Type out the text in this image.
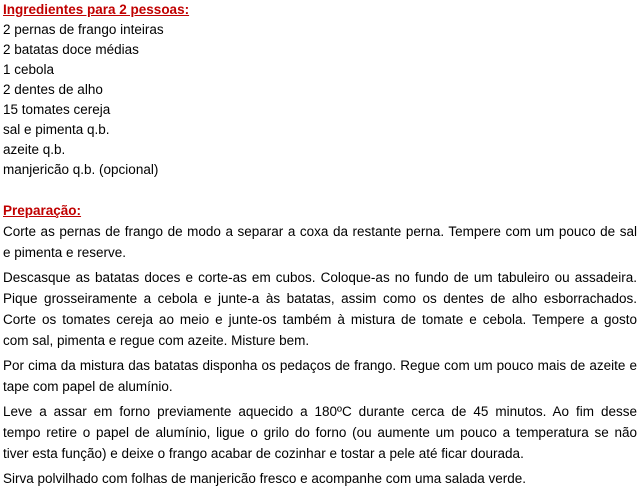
Ingredientes para 2 pessoas:
2 pernas de frango inteiras
2 batatas doce médias
1 cebola
2 dentes de alho
15 tomates cereja
sal e pimenta q.b.
azeite q.b.
manjericão q.b. (opcional)
Preparação:

Corte as pernas de frango de modo a separar a coxa da restante perna. Tempere com um pouco de sal
e pimenta e reserve.

Descasque as batatas doces e corte-as em cubos. Coloque-as no fundo de um tabuleiro ou assadeira.
Pique grosseiramente a cebola e junte-a às batatas, assim como os dentes de alho esborrachados.
Corte os tomates cereja ao meio e junte-os também à mistura de tomate e cebola. Tempere a gosto
com sal, pimenta e regue com azeite. Misture bem.

Por cima da mistura das batatas disponha os pedaços de frango. Regue com um pouco mais de azeite e
tape com papel de alumínio.

Leve a assar em forno previamente aquecido a 180ºC durante cerca de 45 minutos. Ao fim desse
tempo retire o papel de alumínio, ligue o grilo do forno (ou aumente um pouco a temperatura se não
tiver esta função) e deixe o frango acabar de cozinhar e tostar a pele até ficar dourada.

Sirva polvilhado com folhas de manjericão fresco e acompanhe com uma salada verde.
